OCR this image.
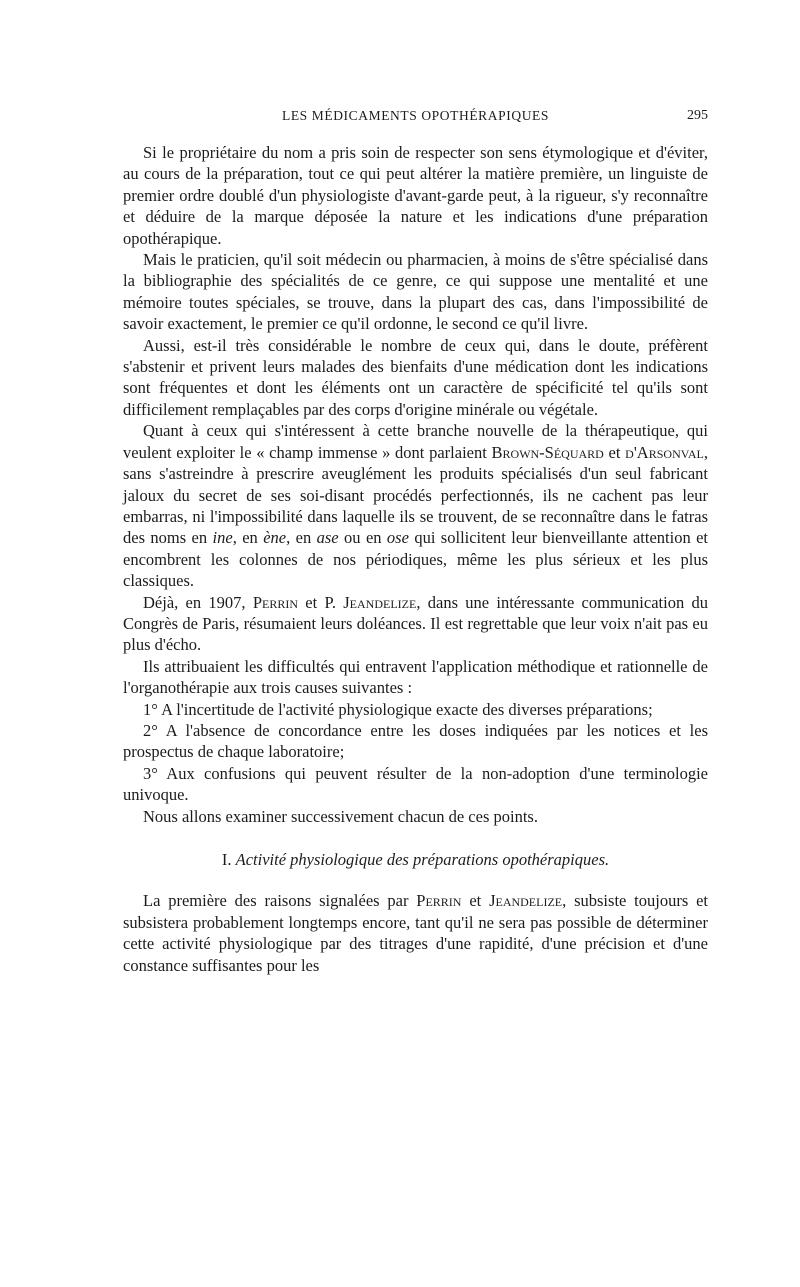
LES MÉDICAMENTS OPOTHÉRAPIQUES	295

Si le propriétaire du nom a pris soin de respecter son sens étymologique et d'éviter, au cours de la préparation, tout ce qui peut altérer la matière première, un linguiste de premier ordre doublé d'un physiologiste d'avant-garde peut, à la rigueur, s'y reconnaître et déduire de la marque déposée la nature et les indications d'une préparation opothérapique.

Mais le praticien, qu'il soit médecin ou pharmacien, à moins de s'être spécialisé dans la bibliographie des spécialités de ce genre, ce qui suppose une mentalité et une mémoire toutes spéciales, se trouve, dans la plupart des cas, dans l'impossibilité de savoir exactement, le premier ce qu'il ordonne, le second ce qu'il livre.

Aussi, est-il très considérable le nombre de ceux qui, dans le doute, préfèrent s'abstenir et privent leurs malades des bienfaits d'une médication dont les indications sont fréquentes et dont les éléments ont un caractère de spécificité tel qu'ils sont difficilement remplaçables par des corps d'origine minérale ou végétale.

Quant à ceux qui s'intéressent à cette branche nouvelle de la thérapeutique, qui veulent exploiter le « champ immense » dont parlaient Brown-Séquard et d'Arsonval, sans s'astreindre à prescrire aveuglément les produits spécialisés d'un seul fabricant jaloux du secret de ses soi-disant procédés perfectionnés, ils ne cachent pas leur embarras, ni l'impossibilité dans laquelle ils se trouvent, de se reconnaître dans le fatras des noms en ine, en ène, en ase ou en ose qui sollicitent leur bienveillante attention et encombrent les colonnes de nos périodiques, même les plus sérieux et les plus classiques.

Déjà, en 1907, Perrin et P. Jeandelize, dans une intéressante communication du Congrès de Paris, résumaient leurs doléances. Il est regrettable que leur voix n'ait pas eu plus d'écho.

Ils attribuaient les difficultés qui entravent l'application méthodique et rationnelle de l'organothérapie aux trois causes suivantes :

1° A l'incertitude de l'activité physiologique exacte des diverses préparations;

2° A l'absence de concordance entre les doses indiquées par les notices et les prospectus de chaque laboratoire;

3° Aux confusions qui peuvent résulter de la non-adoption d'une terminologie univoque.

Nous allons examiner successivement chacun de ces points.

I. Activité physiologique des préparations opothérapiques.

La première des raisons signalées par Perrin et Jeandelize, subsiste toujours et subsistera probablement longtemps encore, tant qu'il ne sera pas possible de déterminer cette activité physiologique par des titrages d'une rapidité, d'une précision et d'une constance suffisantes pour les
